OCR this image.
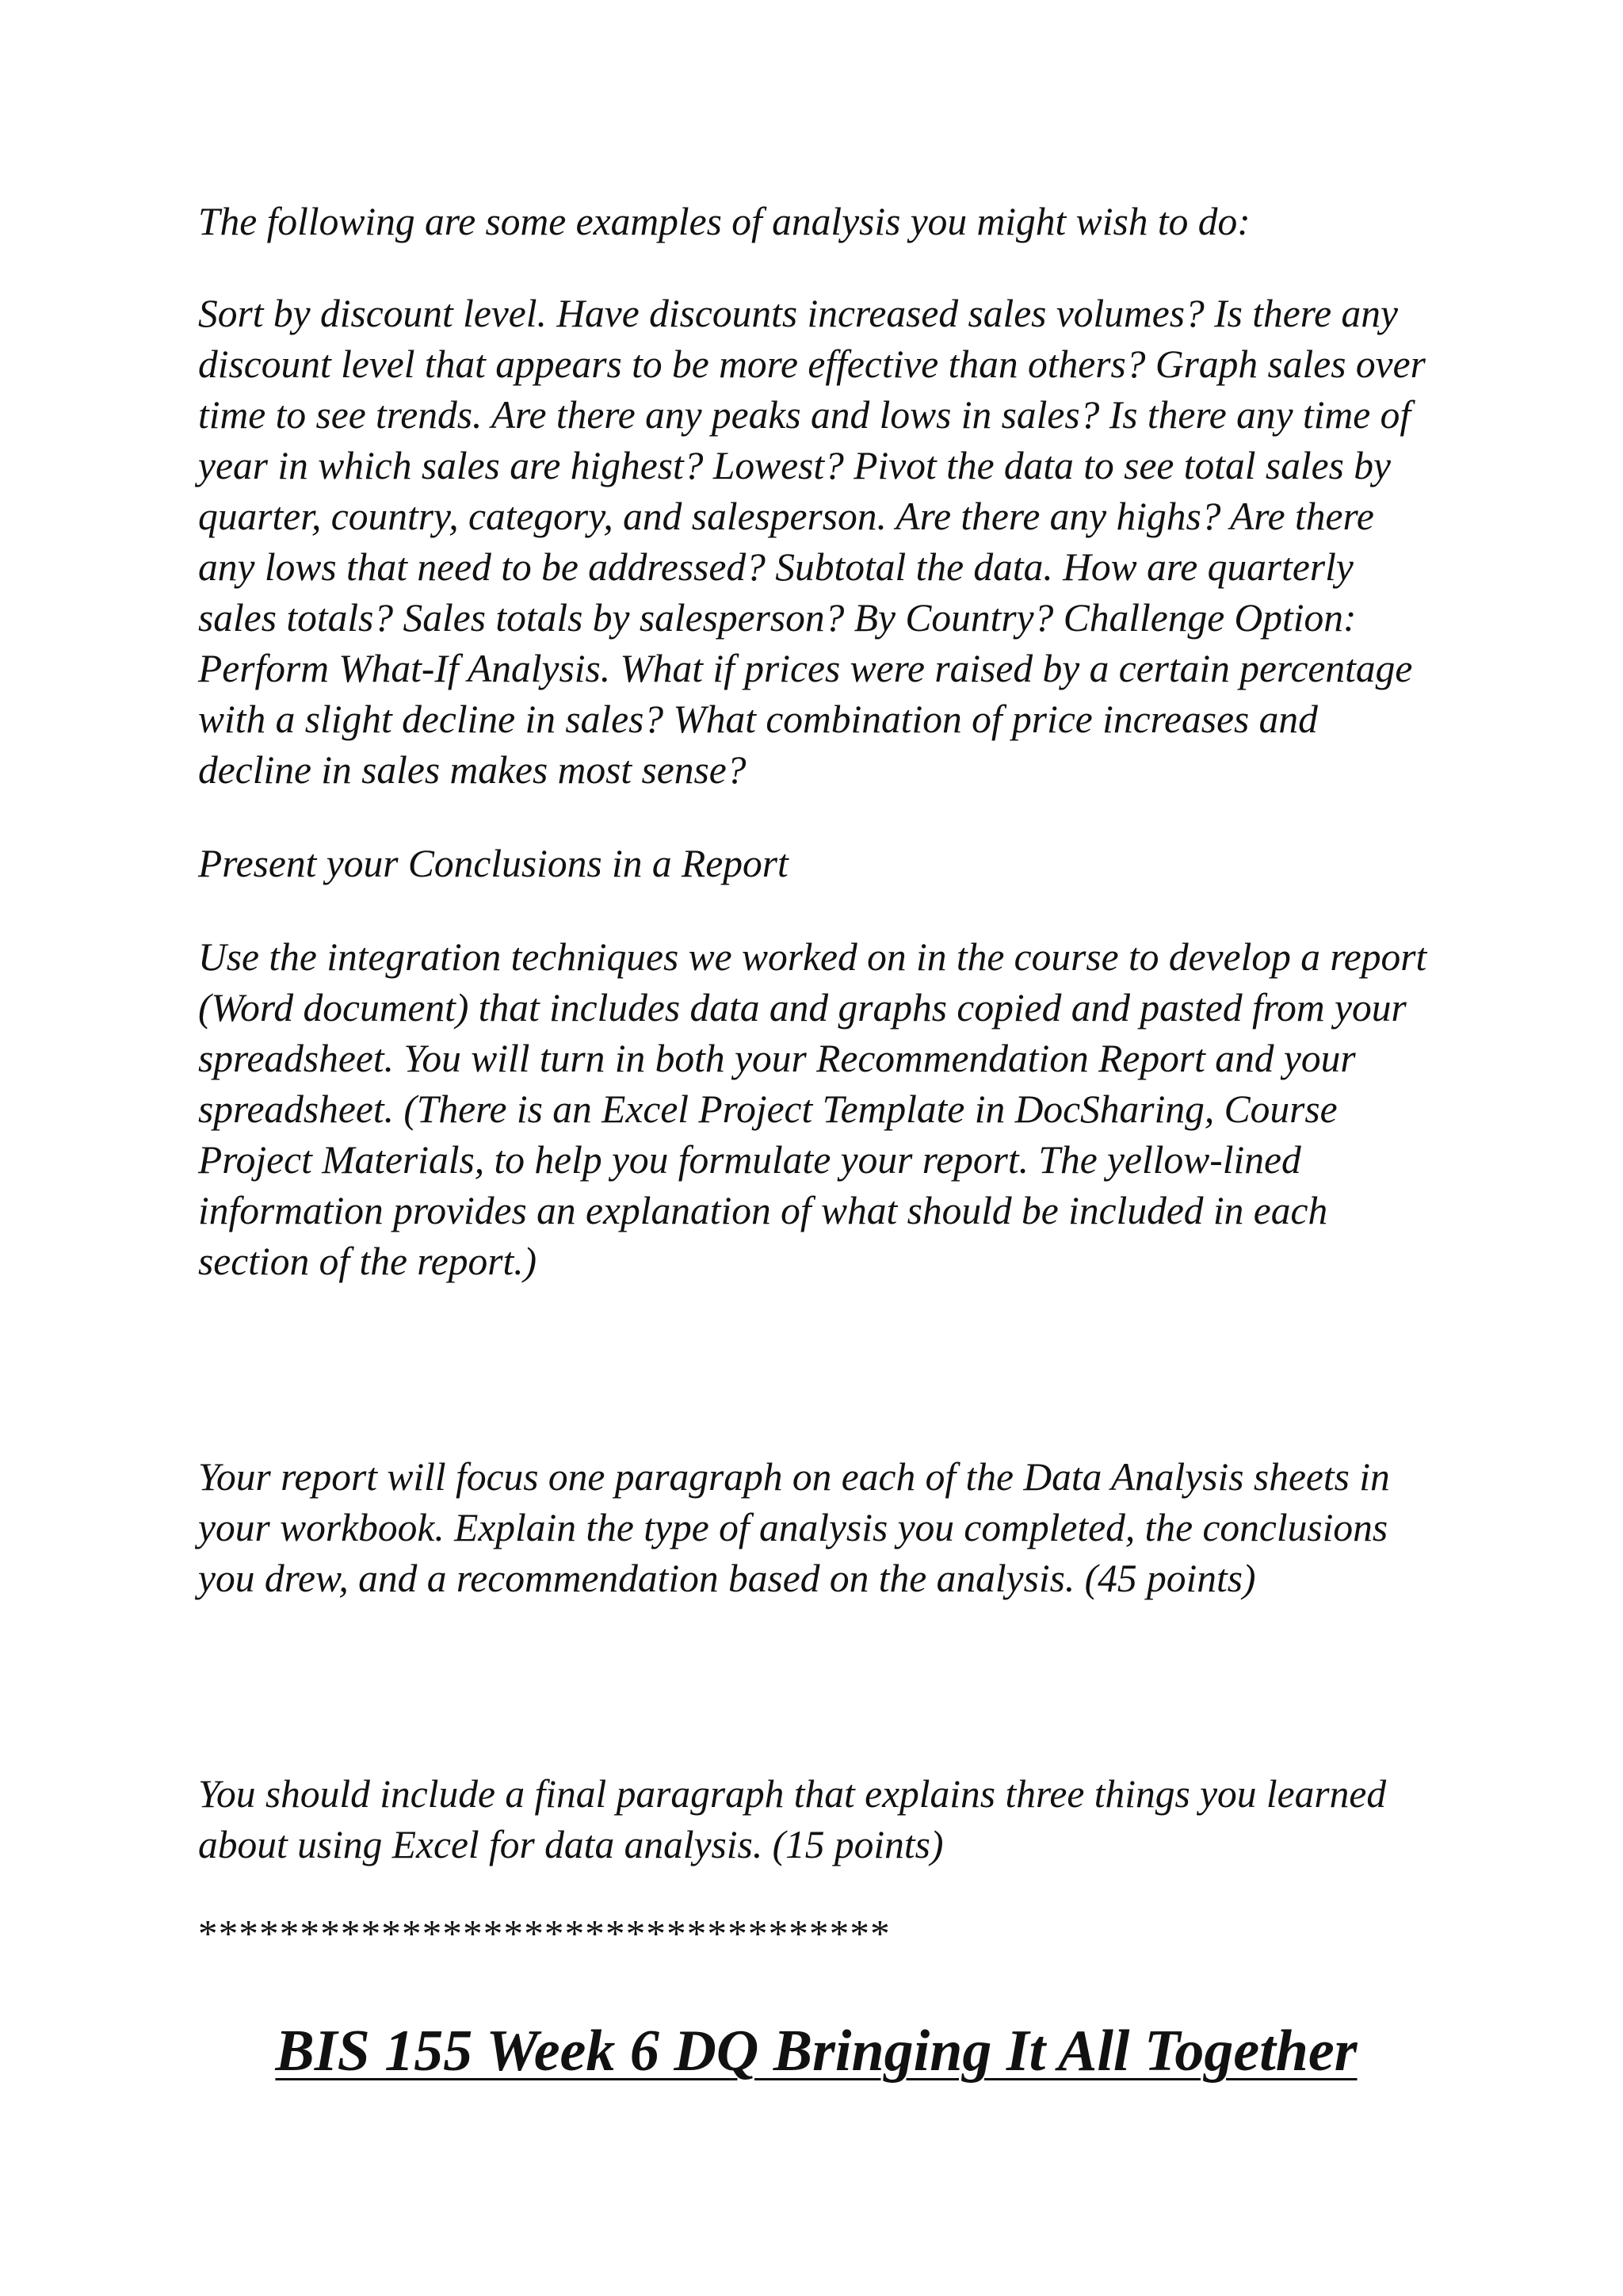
The following are some examples of analysis you might wish to do:

Sort by discount level. Have discounts increased sales volumes? Is there any discount level that appears to be more effective than others? Graph sales over time to see trends. Are there any peaks and lows in sales? Is there any time of year in which sales are highest? Lowest? Pivot the data to see total sales by quarter, country, category, and salesperson. Are there any highs? Are there any lows that need to be addressed? Subtotal the data. How are quarterly sales totals? Sales totals by salesperson? By Country? Challenge Option: Perform What-If Analysis. What if prices were raised by a certain percentage with a slight decline in sales? What combination of price increases and decline in sales makes most sense?

Present your Conclusions in a Report

Use the integration techniques we worked on in the course to develop a report (Word document) that includes data and graphs copied and pasted from your spreadsheet. You will turn in both your Recommendation Report and your spreadsheet. (There is an Excel Project Template in DocSharing, Course Project Materials, to help you formulate your report. The yellow-lined information provides an explanation of what should be included in each section of the report.)

Your report will focus one paragraph on each of the Data Analysis sheets in your workbook. Explain the type of analysis you completed, the conclusions you drew, and a recommendation based on the analysis. (45 points)

You should include a final paragraph that explains three things you learned about using Excel for data analysis. (15 points)

**********************************

BIS 155 Week 6 DQ Bringing It All Together
